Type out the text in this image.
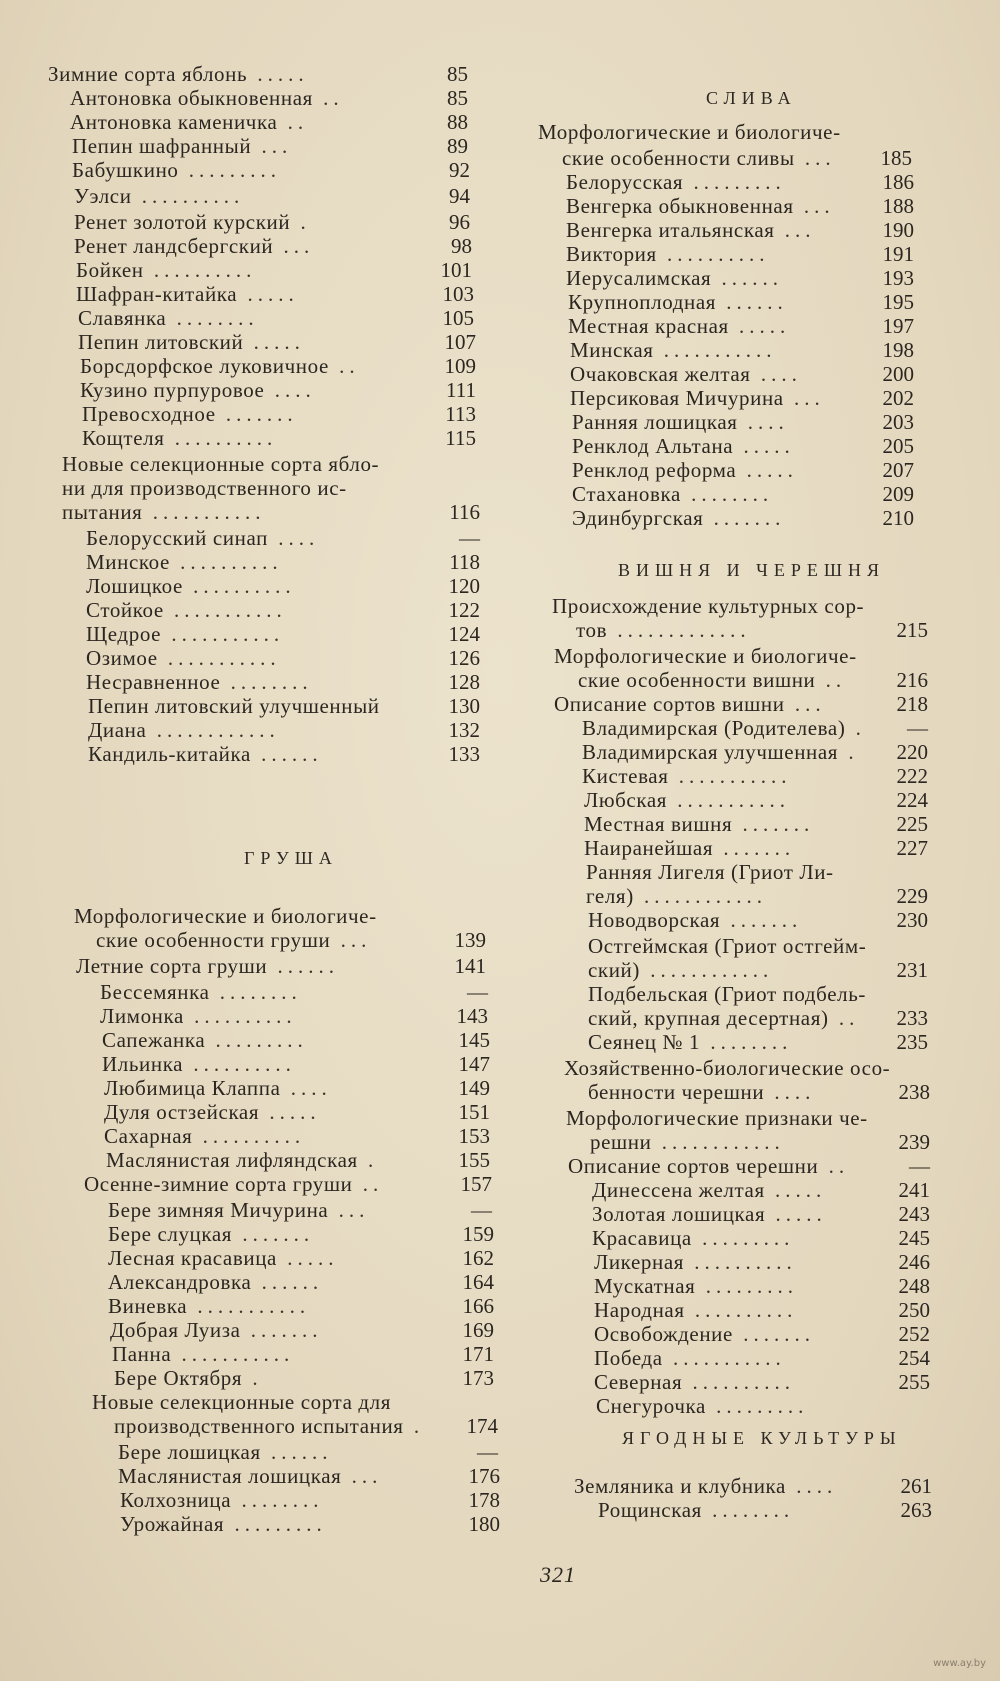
321
www.ay.by
Зимние сорта яблонь .....	85
Антоновка обыкновенная ..	85
Антоновка каменичка ..	88
Пепин шафранный ...	89
Бабушкино .........	92
Уэлси ..........	94
Ренет золотой курский .	96
Ренет ландсбергский ...	98
Бойкен ..........	101
Шафран-китайка .....	103
Славянка ........	105
Пепин литовский .....	107
Борсдорфское луковичное ..	109
Кузино пурпуровое ....	111
Превосходное .......	113
Кощтеля ..........	115
Новые селекционные сорта ябло-
ни для производственного ис-
пытания ...........	116
Белорусский синап ....	—
Минское ..........	118
Лошицкое ..........	120
Стойкое ...........	122
Щедрое ...........	124
Озимое ...........	126
Несравненное ........	128
Пепин литовский улучшенный	130
Диана ............	132
Кандиль-китайка ......	133
Морфологические и биологиче-
ские особенности груши ...	139
Летние сорта груши ......	141
Бессемянка ........	—
Лимонка ..........	143
Сапежанка .........	145
Ильинка ..........	147
Любимица Клаппа ....	149
Дуля остзейская .....	151
Сахарная ..........	153
Маслянистая лифляндская .	155
Осенне-зимние сорта груши ..	157
Бере зимняя Мичурина ...	—
Бере слуцкая .......	159
Лесная красавица .....	162
Александровка ......	164
Виневка ...........	166
Добрая Луиза .......	169
Панна ...........	171
Бере Октября .	173
Новые селекционные сорта для
производственного испытания .	174
Бере лошицкая ......	—
Маслянистая лошицкая ...	176
Колхозница ........	178
Урожайная .........	180
Морфологические и биологиче-
ские особенности сливы ...	185
Белорусская .........	186
Венгерка обыкновенная ...	188
Венгерка итальянская ...	190
Виктория ..........	191
Иерусалимская ......	193
Крупноплодная ......	195
Местная красная .....	197
Минская ...........	198
Очаковская желтая ....	200
Персиковая Мичурина ...	202
Ранняя лошицкая ....	203
Ренклод Альтана .....	205
Ренклод реформа .....	207
Стахановка ........	209
Эдинбургская .......	210
Происхождение культурных сор-
тов .............	215
Морфологические и биологиче-
ские особенности вишни ..	216
Описание сортов вишни ...	218
Владимирская (Родителева) .	—
Владимирская улучшенная .	220
Кистевая ...........	222
Любская ...........	224
Местная вишня .......	225
Наиранейшая .......	227
Ранняя Лигеля (Гриот Ли-
геля) ............	229
Новодворская .......	230
Остгеймская (Гриот остгейм-
ский) ............	231
Подбельская (Гриот подбель-
ский, крупная десертная) ..	233
Сеянец № 1 ........	235
Хозяйственно-биологические осо-
бенности черешни ....	238
Морфологические признаки че-
решни ............	239
Описание сортов черешни ..	—
Динессена желтая .....	241
Золотая лошицкая .....	243
Красавица .........	245
Ликерная ..........	246
Мускатная .........	248
Народная ..........	250
Освобождение .......	252
Победа ...........	254
Северная ..........	255
Снегурочка .........
Земляника и клубника ....	261
Рощинская ........	263
ГРУША
СЛИВА
ВИШНЯ И ЧЕРЕШНЯ
ЯГОДНЫЕ КУЛЬТУРЫ
